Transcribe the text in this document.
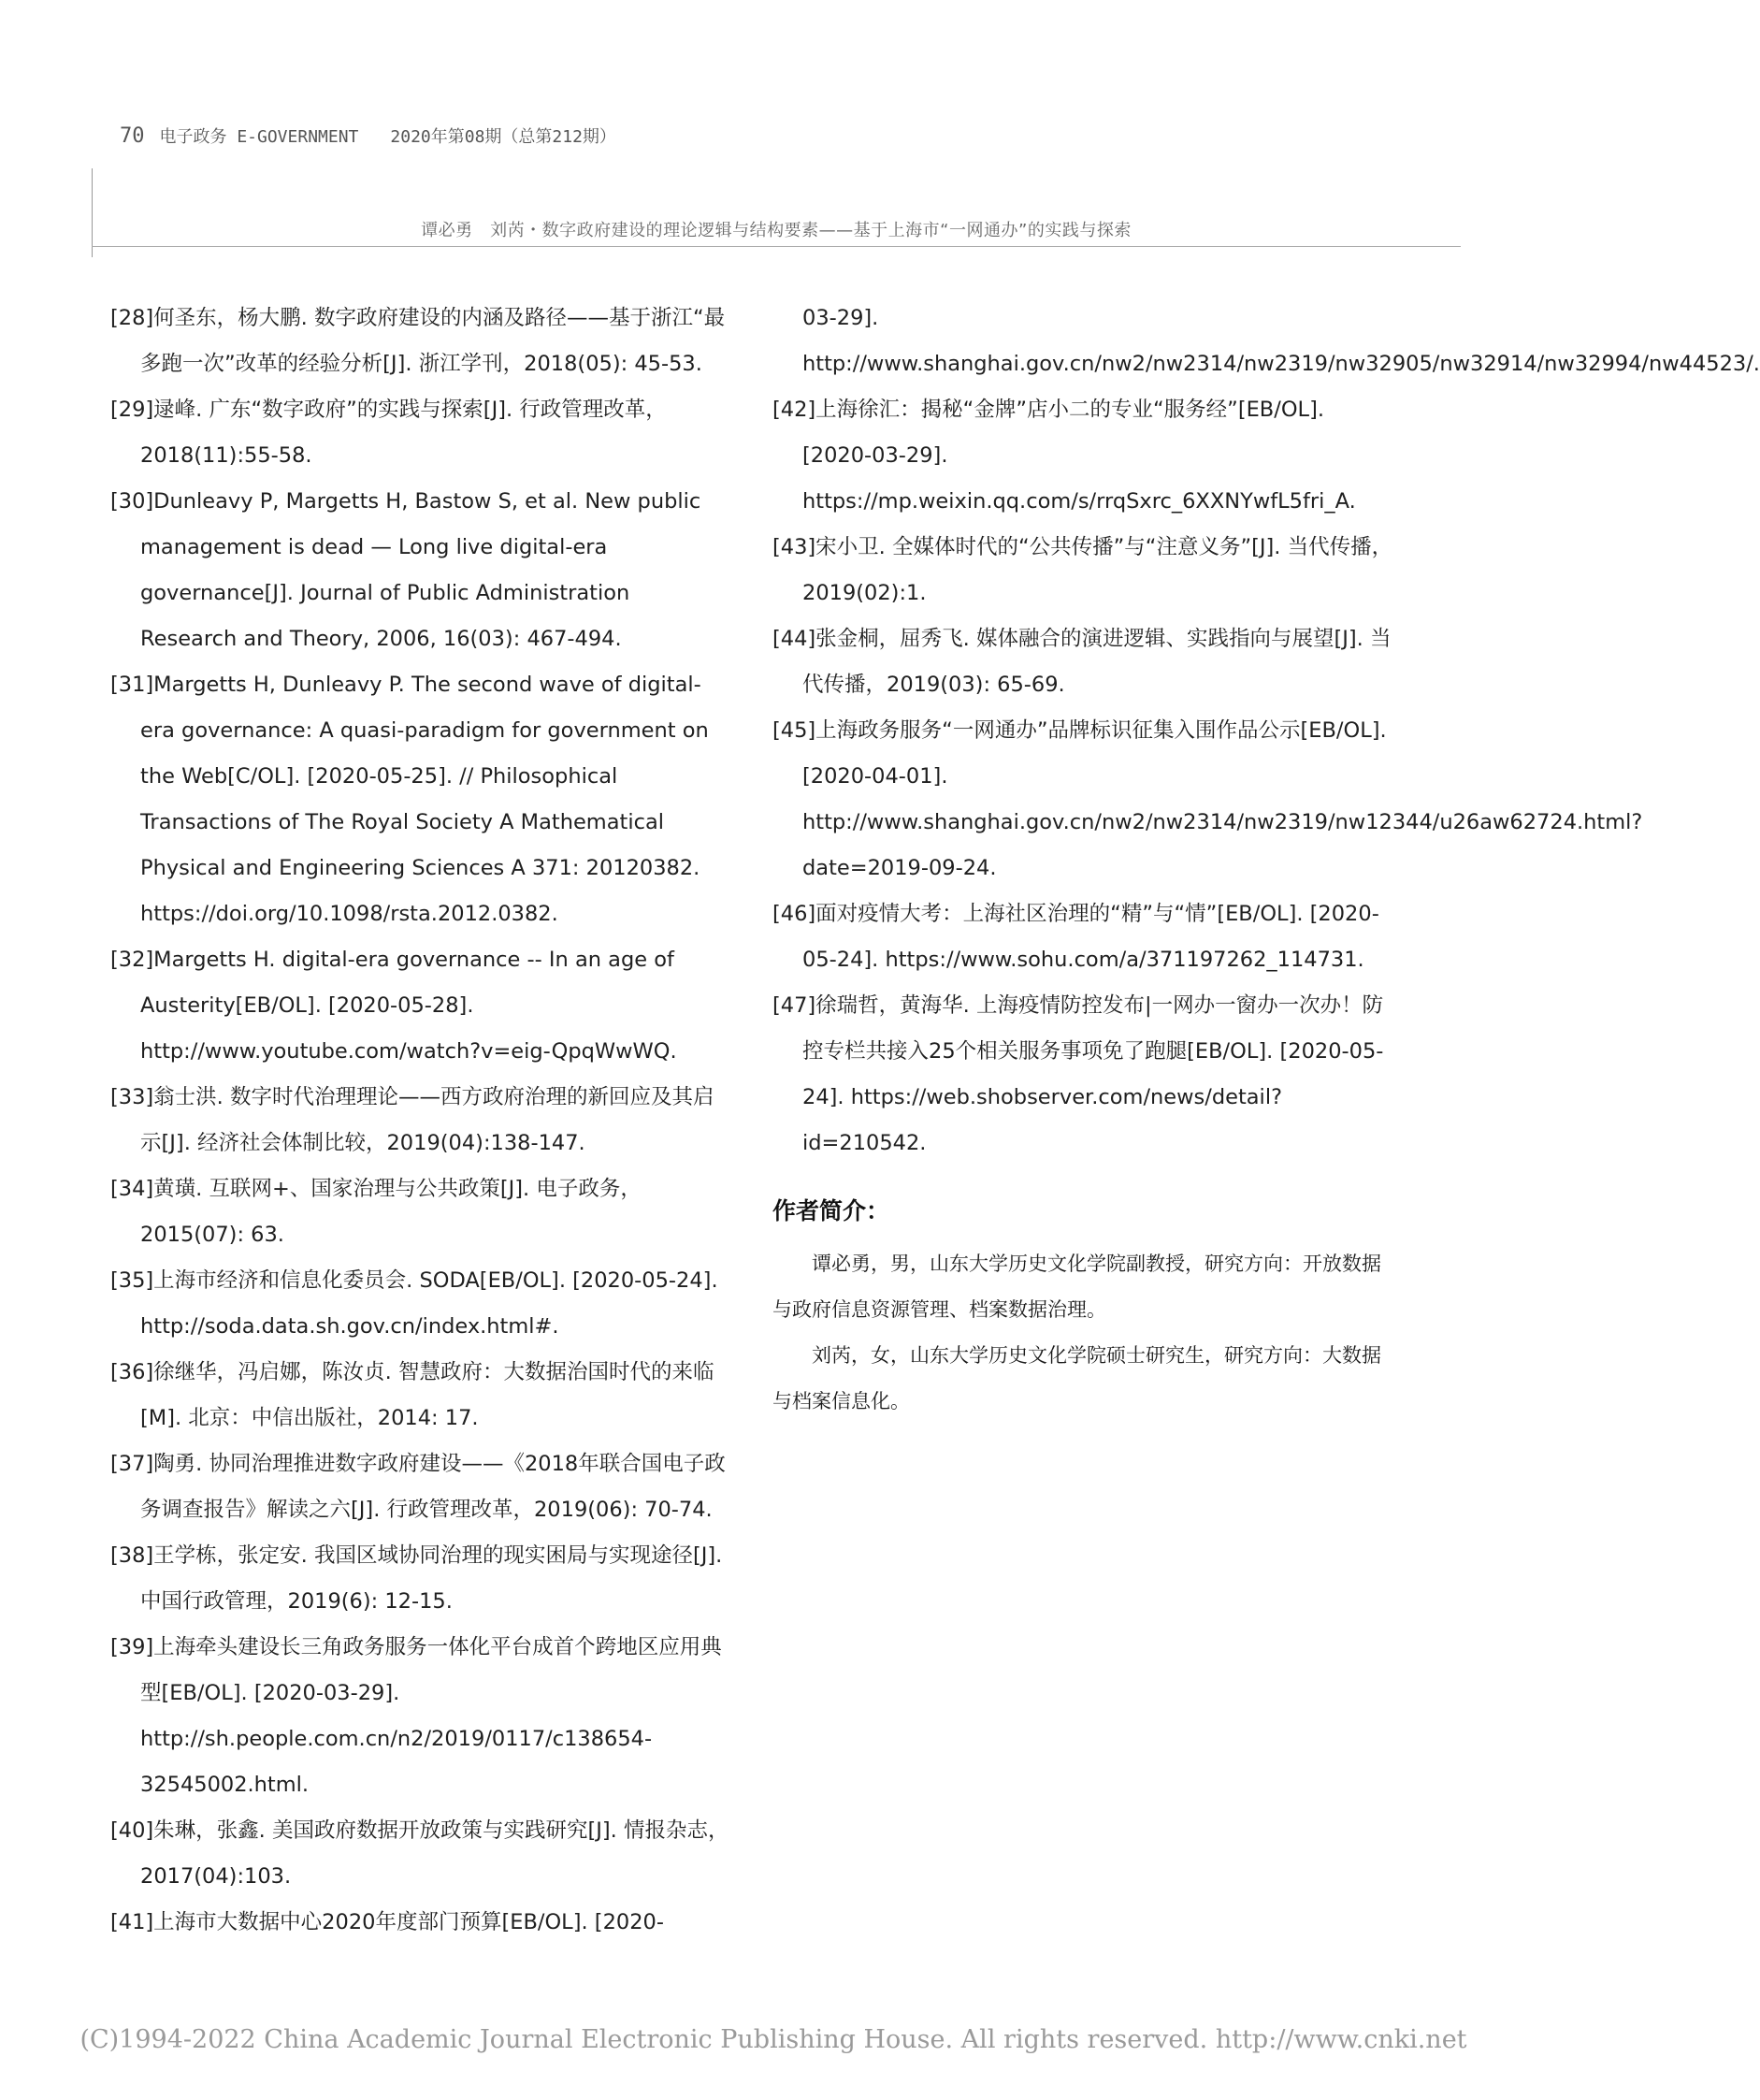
70 电子政务 E-GOVERNMENT 2020年第08期（总第212期）
谭必勇　刘芮・数字政府建设的理论逻辑与结构要素——基于上海市“一网通办”的实践与探索

[28]何圣东，杨大鹏. 数字政府建设的内涵及路径——基于浙江“最多跑一次”改革的经验分析[J]. 浙江学刊，2018(05): 45-53.

[29]逯峰. 广东“数字政府”的实践与探索[J]. 行政管理改革，2018(11):55-58.

[30]Dunleavy P, Margetts H, Bastow S, et al. New public management is dead — Long live digital-era governance[J]. Journal of Public Administration Research and Theory, 2006, 16(03): 467-494.

[31]Margetts H, Dunleavy P. The second wave of digital-era governance: A quasi-paradigm for government on the Web[C/OL]. [2020-05-25]. // Philosophical Transactions of The Royal Society A Mathematical Physical and Engineering Sciences A 371: 20120382. https://doi.org/10.1098/rsta.2012.0382.

[32]Margetts H. digital-era governance -- In an age of Austerity[EB/OL]. [2020-05-28]. http://www.youtube.com/watch?v=eig-QpqWwWQ.

[33]翁士洪. 数字时代治理理论——西方政府治理的新回应及其启示[J]. 经济社会体制比较，2019(04):138-147.

[34]黄璜. 互联网+、国家治理与公共政策[J]. 电子政务，2015(07): 63.

[35]上海市经济和信息化委员会. SODA[EB/OL]. [2020-05-24]. http://soda.data.sh.gov.cn/index.html#.

[36]徐继华，冯启娜，陈汝贞. 智慧政府：大数据治国时代的来临[M]. 北京：中信出版社，2014: 17.

[37]陶勇. 协同治理推进数字政府建设——《2018年联合国电子政务调查报告》解读之六[J]. 行政管理改革，2019(06): 70-74.

[38]王学栋，张定安. 我国区域协同治理的现实困局与实现途径[J]. 中国行政管理，2019(6): 12-15.

[39]上海牵头建设长三角政务服务一体化平台成首个跨地区应用典型[EB/OL]. [2020-03-29]. http://sh.people.com.cn/n2/2019/0117/c138654-32545002.html.

[40]朱琳，张鑫. 美国政府数据开放政策与实践研究[J]. 情报杂志，2017(04):103.

[41]上海市大数据中心2020年度部门预算[EB/OL]. [2020-

03-29]. http://www.shanghai.gov.cn/nw2/nw2314/nw2319/nw32905/nw32914/nw32994/nw44523/.

[42]上海徐汇：揭秘“金牌”店小二的专业“服务经”[EB/OL]. [2020-03-29]. https://mp.weixin.qq.com/s/rrqSxrc_6XXNYwfL5fri_A.

[43]宋小卫. 全媒体时代的“公共传播”与“注意义务”[J]. 当代传播，2019(02):1.

[44]张金桐，屈秀飞. 媒体融合的演进逻辑、实践指向与展望[J]. 当代传播，2019(03): 65-69.

[45]上海政务服务“一网通办”品牌标识征集入围作品公示[EB/OL]. [2020-04-01]. http://www.shanghai.gov.cn/nw2/nw2314/nw2319/nw12344/u26aw62724.html?date=2019-09-24.

[46]面对疫情大考：上海社区治理的“精”与“情”[EB/OL]. [2020-05-24]. https://www.sohu.com/a/371197262_114731.

[47]徐瑞哲，黄海华. 上海疫情防控发布|一网办一窗办一次办！防控专栏共接入25个相关服务事项免了跑腿[EB/OL]. [2020-05-24]. https://web.shobserver.com/news/detail?id=210542.

作者简介：

谭必勇，男，山东大学历史文化学院副教授，研究方向：开放数据与政府信息资源管理、档案数据治理。

刘芮，女，山东大学历史文化学院硕士研究生，研究方向：大数据与档案信息化。

(C)1994-2022 China Academic Journal Electronic Publishing House. All rights reserved. http://www.cnki.net
